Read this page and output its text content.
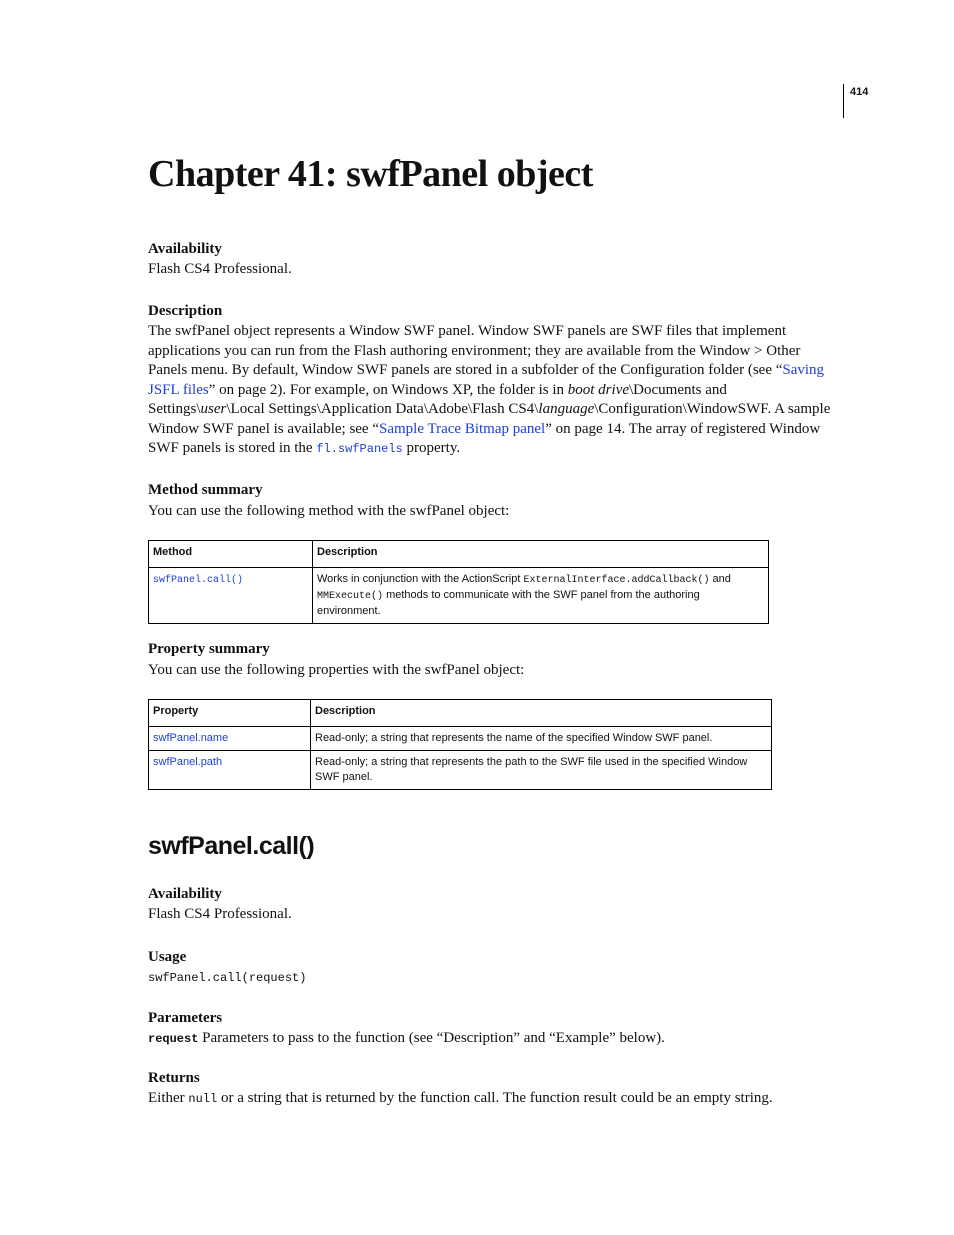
414
Chapter 41: swfPanel object

Availability

Flash CS4 Professional.

Description

The swfPanel object represents a Window SWF panel. Window SWF panels are SWF files that implement applications you can run from the Flash authoring environment; they are available from the Window > Other Panels menu. By default, Window SWF panels are stored in a subfolder of the Configuration folder (see “Saving JSFL files” on page 2). For example, on Windows XP, the folder is in boot drive\Documents and Settings\user\Local Settings\Application Data\Adobe\Flash CS4\language\Configuration\WindowSWF. A sample Window SWF panel is available; see “Sample Trace Bitmap panel” on page 14. The array of registered Window SWF panels is stored in the fl.swfPanels property.

Method summary

You can use the following method with the swfPanel object:

Method	Description
swfPanel.call()	Works in conjunction with the ActionScript ExternalInterface.addCallback() and MMExecute() methods to communicate with the SWF panel from the authoring environment.

Property summary

You can use the following properties with the swfPanel object:

Property	Description
swfPanel.name	Read-only; a string that represents the name of the specified Window SWF panel.
swfPanel.path	Read-only; a string that represents the path to the SWF file used in the specified Window SWF panel.
swfPanel.call()

Availability

Flash CS4 Professional.

Usage

swfPanel.call(request)

Parameters

request Parameters to pass to the function (see “Description” and “Example” below).

Returns

Either null or a string that is returned by the function call. The function result could be an empty string.
